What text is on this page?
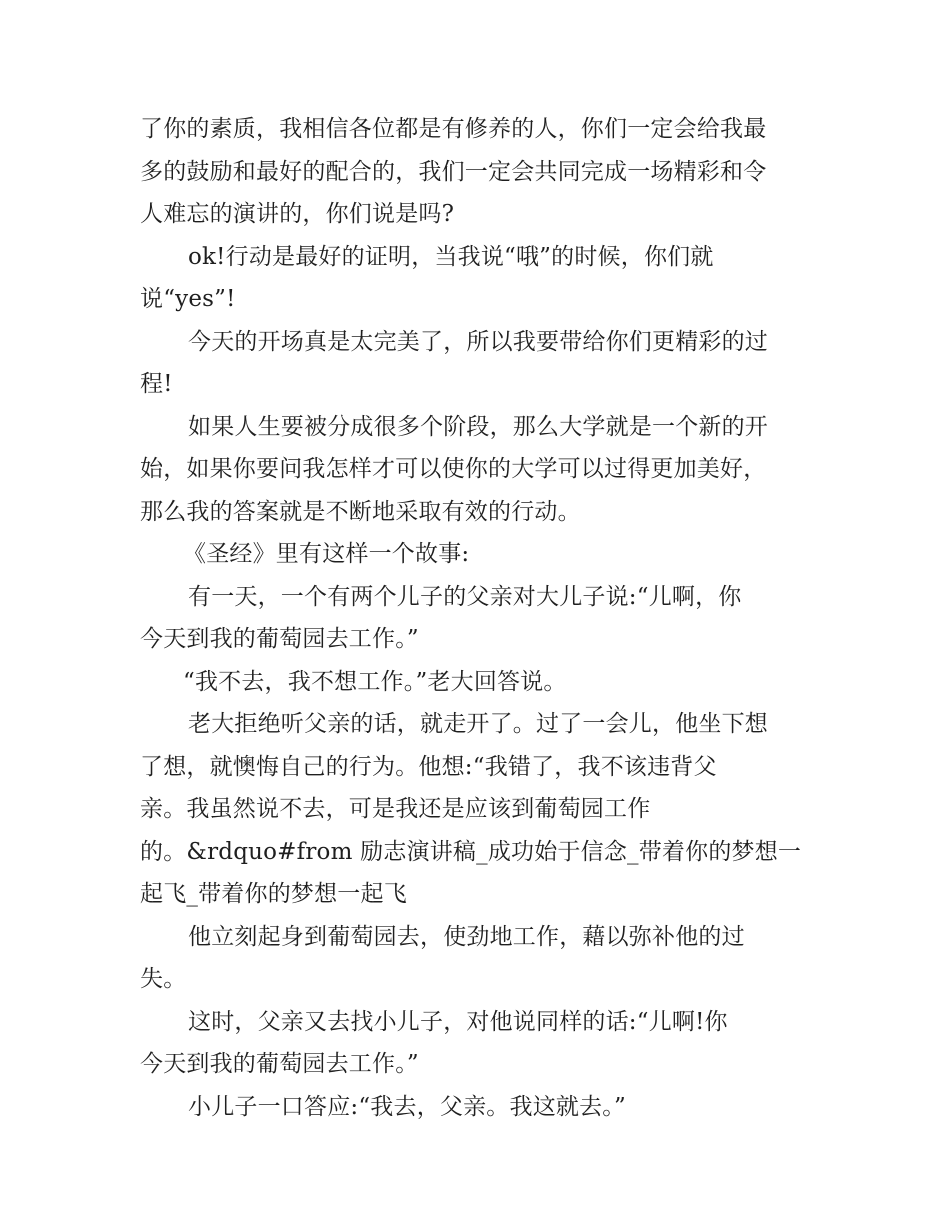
了你的素质，我相信各位都是有修养的人，你们一定会给我最
多的鼓励和最好的配合的，我们一定会共同完成一场精彩和令
人难忘的演讲的，你们说是吗?
ok!行动是最好的证明，当我说“哦”的时候，你们就
说“yes”!
今天的开场真是太完美了，所以我要带给你们更精彩的过
程!
如果人生要被分成很多个阶段，那么大学就是一个新的开
始，如果你要问我怎样才可以使你的大学可以过得更加美好，
那么我的答案就是不断地采取有效的行动。
《圣经》里有这样一个故事:
有一天，一个有两个儿子的父亲对大儿子说:“儿啊，你
今天到我的葡萄园去工作。”
“我不去，我不想工作。”老大回答说。
老大拒绝听父亲的话，就走开了。过了一会儿，他坐下想
了想，就懊悔自己的行为。他想:“我错了，我不该违背父
亲。我虽然说不去，可是我还是应该到葡萄园工作
的。&rdquo#from 励志演讲稿_成功始于信念_带着你的梦想一
起飞_带着你的梦想一起飞
他立刻起身到葡萄园去，使劲地工作，藉以弥补他的过
失。
这时，父亲又去找小儿子，对他说同样的话:“儿啊!你
今天到我的葡萄园去工作。”
小儿子一口答应:“我去，父亲。我这就去。”
